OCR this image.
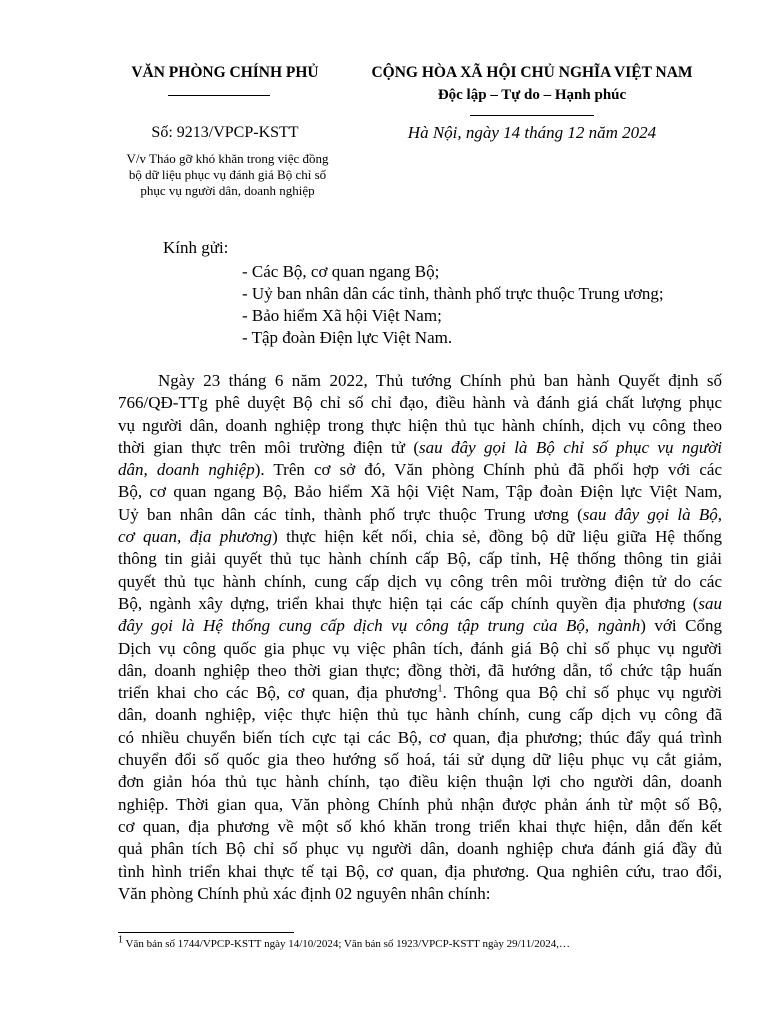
VĂN PHÒNG CHÍNH PHỦ	CỘNG HÒA XÃ HỘI CHỦ NGHĨA VIỆT NAM
Độc lập – Tự do – Hạnh phúc
Số: 9213/VPCP-KSTT	Hà Nội, ngày 14 tháng 12 năm 2024
V/v Tháo gỡ khó khăn trong việc đồng
bộ dữ liệu phục vụ đánh giá Bộ chỉ số
phục vụ người dân, doanh nghiệp
Kính gửi:
- Các Bộ, cơ quan ngang Bộ;
- Uỷ ban nhân dân các tỉnh, thành phố trực thuộc Trung ương;
- Bảo hiểm Xã hội Việt Nam;
- Tập đoàn Điện lực Việt Nam.
Ngày 23 tháng 6 năm 2022, Thủ tướng Chính phủ ban hành Quyết định số
766/QĐ-TTg phê duyệt Bộ chỉ số chỉ đạo, điều hành và đánh giá chất lượng phục
vụ người dân, doanh nghiệp trong thực hiện thủ tục hành chính, dịch vụ công theo
thời gian thực trên môi trường điện tử (sau đây gọi là Bộ chỉ số phục vụ người
dân, doanh nghiệp). Trên cơ sở đó, Văn phòng Chính phủ đã phối hợp với các
Bộ, cơ quan ngang Bộ, Bảo hiểm Xã hội Việt Nam, Tập đoàn Điện lực Việt Nam,
Uỷ ban nhân dân các tỉnh, thành phố trực thuộc Trung ương (sau đây gọi là Bộ,
cơ quan, địa phương) thực hiện kết nối, chia sẻ, đồng bộ dữ liệu giữa Hệ thống
thông tin giải quyết thủ tục hành chính cấp Bộ, cấp tỉnh, Hệ thống thông tin giải
quyết thủ tục hành chính, cung cấp dịch vụ công trên môi trường điện tử do các
Bộ, ngành xây dựng, triển khai thực hiện tại các cấp chính quyền địa phương (sau
đây gọi là Hệ thống cung cấp dịch vụ công tập trung của Bộ, ngành) với Cổng
Dịch vụ công quốc gia phục vụ việc phân tích, đánh giá Bộ chỉ số phục vụ người
dân, doanh nghiệp theo thời gian thực; đồng thời, đã hướng dẫn, tổ chức tập huấn
triển khai cho các Bộ, cơ quan, địa phương$^1$. Thông qua Bộ chỉ số phục vụ người
dân, doanh nghiệp, việc thực hiện thủ tục hành chính, cung cấp dịch vụ công đã
có nhiều chuyển biến tích cực tại các Bộ, cơ quan, địa phương; thúc đẩy quá trình
chuyển đổi số quốc gia theo hướng số hoá, tái sử dụng dữ liệu phục vụ cắt giảm,
đơn giản hóa thủ tục hành chính, tạo điều kiện thuận lợi cho người dân, doanh
nghiệp. Thời gian qua, Văn phòng Chính phủ nhận được phản ánh từ một số Bộ,
cơ quan, địa phương về một số khó khăn trong triển khai thực hiện, dẫn đến kết
quả phân tích Bộ chỉ số phục vụ người dân, doanh nghiệp chưa đánh giá đầy đủ
tình hình triển khai thực tế tại Bộ, cơ quan, địa phương. Qua nghiên cứu, trao đổi,
Văn phòng Chính phủ xác định 02 nguyên nhân chính:
$^1$ Văn bản số 1744/VPCP-KSTT ngày 14/10/2024; Văn bản số 1923/VPCP-KSTT ngày 29/11/2024,…
